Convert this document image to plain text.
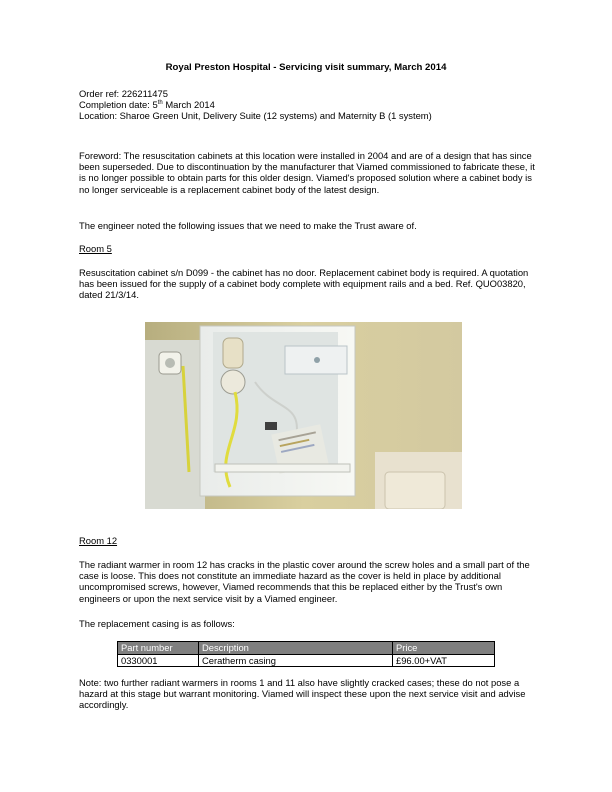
Royal Preston Hospital - Servicing visit summary, March 2014

Order ref: 226211475

Completion date: 5th March 2014

Location: Sharoe Green Unit, Delivery Suite (12 systems) and Maternity B (1 system)

Foreword: The resuscitation cabinets at this location were installed in 2004 and are of a design that has since been superseded. Due to discontinuation by the manufacturer that Viamed commissioned to fabricate these, it is no longer possible to obtain parts for this older design. Viamed's proposed solution where a cabinet body is no longer serviceable is a replacement cabinet body of the latest design.

The engineer noted the following issues that we need to make the Trust aware of.

Room 5

Resuscitation cabinet s/n D099 - the cabinet has no door. Replacement cabinet body is required. A quotation has been issued for the supply of a cabinet body complete with equipment rails and a bed. Ref. QUO03820, dated 21/3/14.

Room 12

The radiant warmer in room 12 has cracks in the plastic cover around the screw holes and a small part of the case is loose. This does not constitute an immediate hazard as the cover is held in place by additional uncompromised screws, however, Viamed recommends that this be replaced either by the Trust's own engineers or upon the next service visit by a Viamed engineer.

The replacement casing is as follows:

Part number	Description	Price
0330001	Ceratherm casing	£96.00+VAT

Note: two further radiant warmers in rooms 1 and 11 also have slightly cracked cases; these do not pose a hazard at this stage but warrant monitoring. Viamed will inspect these upon the next service visit and advise accordingly.
